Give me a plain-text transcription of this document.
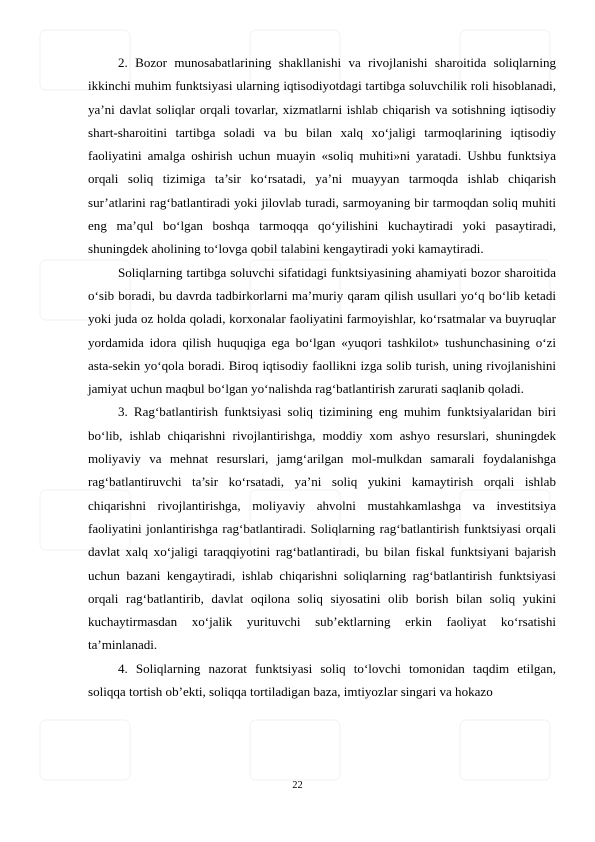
2. Bozor munosabatlarining shakllanishi va rivojlanishi sharoitida soliqlarning ikkinchi muhim funktsiyasi ularning iqtisodiyotdagi tartibga soluvchilik roli hisoblanadi, ya’ni davlat soliqlar orqali tovarlar, xizmatlarni ishlab chiqarish va sotishning iqtisodiy shart-sharoitini tartibga soladi va bu bilan xalq xo‘jaligi tarmoqlarining iqtisodiy faoliyatini amalga oshirish uchun muayin «soliq muhiti»ni yaratadi. Ushbu funktsiya orqali soliq tizimiga ta’sir ko‘rsatadi, ya’ni muayyan tarmoqda ishlab chiqarish sur’atlarini rag‘batlantiradi yoki jilovlab turadi, sarmoyaning bir tarmoqdan soliq muhiti eng ma’qul bo‘lgan boshqa tarmoqqa qo‘yilishini kuchaytiradi yoki pasaytiradi, shuningdek aholining to‘lovga qobil talabini kengaytiradi yoki kamaytiradi.

Soliqlarning tartibga soluvchi sifatidagi funktsiyasining ahamiyati bozor sharoitida o‘sib boradi, bu davrda tadbirkorlarni ma’muriy qaram qilish usullari yo‘q bo‘lib ketadi yoki juda oz holda qoladi, korxonalar faoliyatini farmoyishlar, ko‘rsatmalar va buyruqlar yordamida idora qilish huquqiga ega bo‘lgan «yuqori tashkilot» tushunchasining o‘zi asta-sekin yo‘qola boradi. Biroq iqtisodiy faollikni izga solib turish, uning rivojlanishini jamiyat uchun maqbul bo‘lgan yo‘nalishda rag‘batlantirish zarurati saqlanib qoladi.

3. Rag‘batlantirish funktsiyasi soliq tizimining eng muhim funktsiyalaridan biri bo‘lib, ishlab chiqarishni rivojlantirishga, moddiy xom ashyo resurslari, shuningdek moliyaviy va mehnat resurslari, jamg‘arilgan mol-mulkdan samarali foydalanishga rag‘batlantiruvchi ta’sir ko‘rsatadi, ya’ni soliq yukini kamaytirish orqali ishlab chiqarishni rivojlantirishga, moliyaviy ahvolni mustahkamlashga va investitsiya faoliyatini jonlantirishga rag‘batlantiradi. Soliqlarning rag‘batlantirish funktsiyasi orqali davlat xalq xo‘jaligi taraqqiyotini rag‘batlantiradi, bu bilan fiskal funktsiyani bajarish uchun bazani kengaytiradi, ishlab chiqarishni soliqlarning rag‘batlantirish funktsiyasi orqali rag‘batlantirib, davlat oqilona soliq siyosatini olib borish bilan soliq yukini kuchaytirmasdan xo‘jalik yurituvchi sub’ektlarning erkin faoliyat ko‘rsatishi ta’minlanadi.

4. Soliqlarning nazorat funktsiyasi soliq to‘lovchi tomonidan taqdim etilgan, soliqqa tortish ob’ekti, soliqqa tortiladigan baza, imtiyozlar singari va hokazo

22
